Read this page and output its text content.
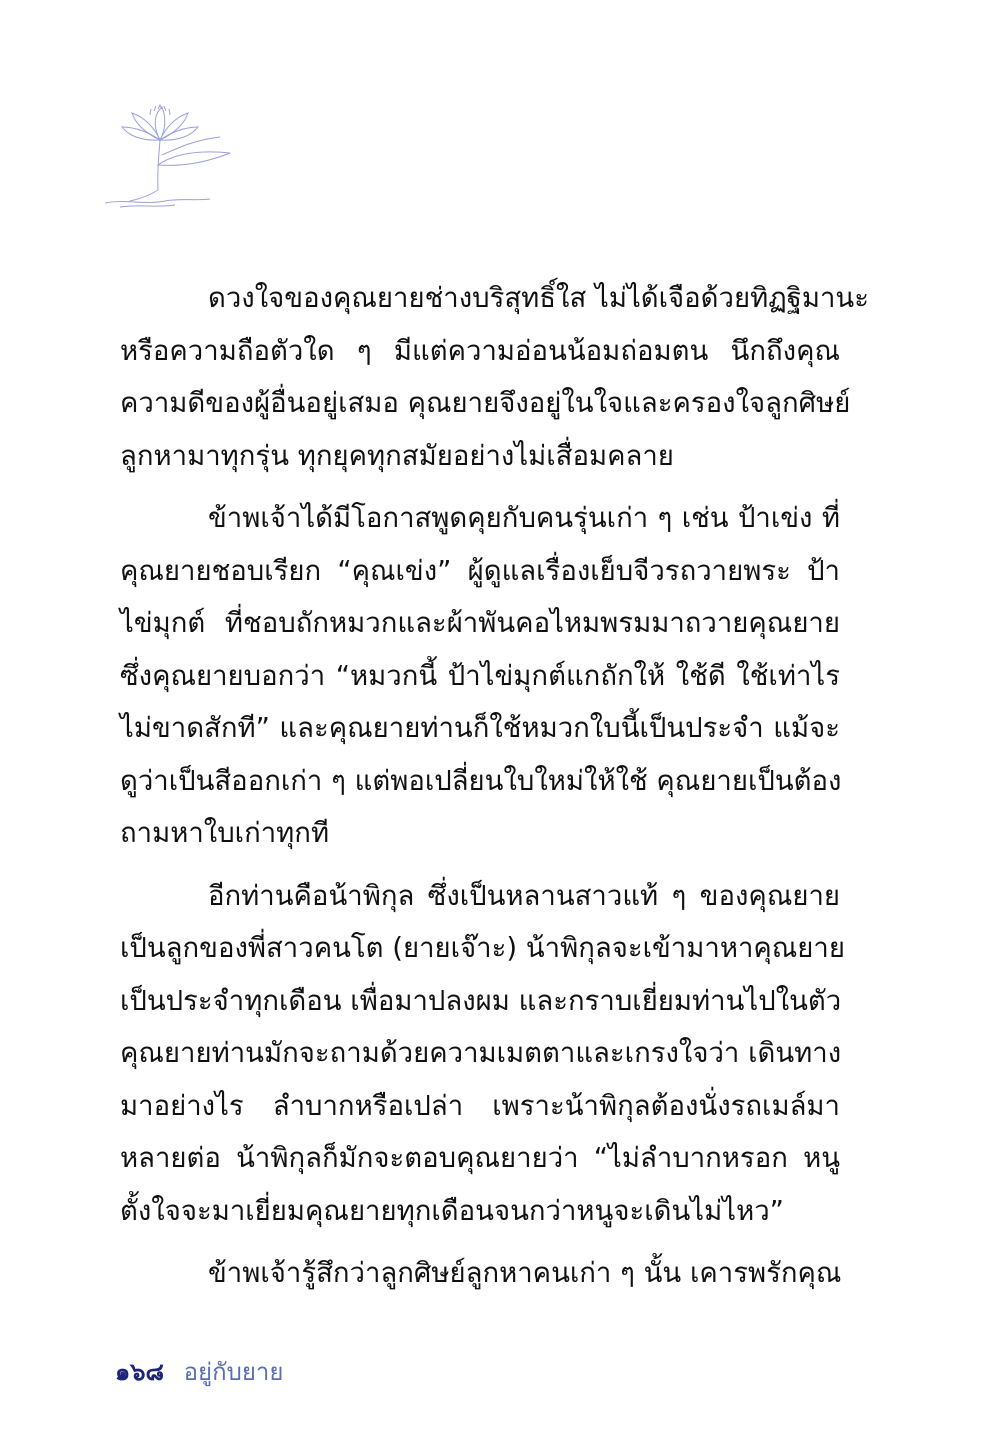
ดวงใจของคุณยายช่างบริสุทธิ์ใส ไม่ได้เจือด้วยทิฏฐิมานะ
หรือความถือตัวใด ๆ มีแต่ความอ่อนน้อมถ่อมตน นึกถึงคุณ
ความดีของผู้อื่นอยู่เสมอ คุณยายจึงอยู่ในใจและครองใจลูกศิษย์
ลูกหามาทุกรุ่น ทุกยุคทุกสมัยอย่างไม่เสื่อมคลาย
ข้าพเจ้าได้มีโอกาสพูดคุยกับคนรุ่นเก่า ๆ เช่น ป้าเข่ง ที่
คุณยายชอบเรียก “คุณเข่ง” ผู้ดูแลเรื่องเย็บจีวรถวายพระ ป้า
ไข่มุกต์ ที่ชอบถักหมวกและผ้าพันคอไหมพรมมาถวายคุณยาย
ซึ่งคุณยายบอกว่า “หมวกนี้ ป้าไข่มุกต์แกถักให้ ใช้ดี ใช้เท่าไร
ไม่ขาดสักที” และคุณยายท่านก็ใช้หมวกใบนี้เป็นประจำ แม้จะ
ดูว่าเป็นสีออกเก่า ๆ แต่พอเปลี่ยนใบใหม่ให้ใช้ คุณยายเป็นต้อง
ถามหาใบเก่าทุกที
อีกท่านคือน้าพิกุล ซึ่งเป็นหลานสาวแท้ ๆ ของคุณยาย
เป็นลูกของพี่สาวคนโต (ยายเจ๊าะ) น้าพิกุลจะเข้ามาหาคุณยาย
เป็นประจำทุกเดือน เพื่อมาปลงผม และกราบเยี่ยมท่านไปในตัว
คุณยายท่านมักจะถามด้วยความเมตตาและเกรงใจว่า เดินทาง
มาอย่างไร ลำบากหรือเปล่า เพราะน้าพิกุลต้องนั่งรถเมล์มา
หลายต่อ น้าพิกุลก็มักจะตอบคุณยายว่า “ไม่ลำบากหรอก หนู
ตั้งใจจะมาเยี่ยมคุณยายทุกเดือนจนกว่าหนูจะเดินไม่ไหว”
ข้าพเจ้ารู้สึกว่าลูกศิษย์ลูกหาคนเก่า ๆ นั้น เคารพรักคุณ
๑๖๘ อยู่กับยาย
